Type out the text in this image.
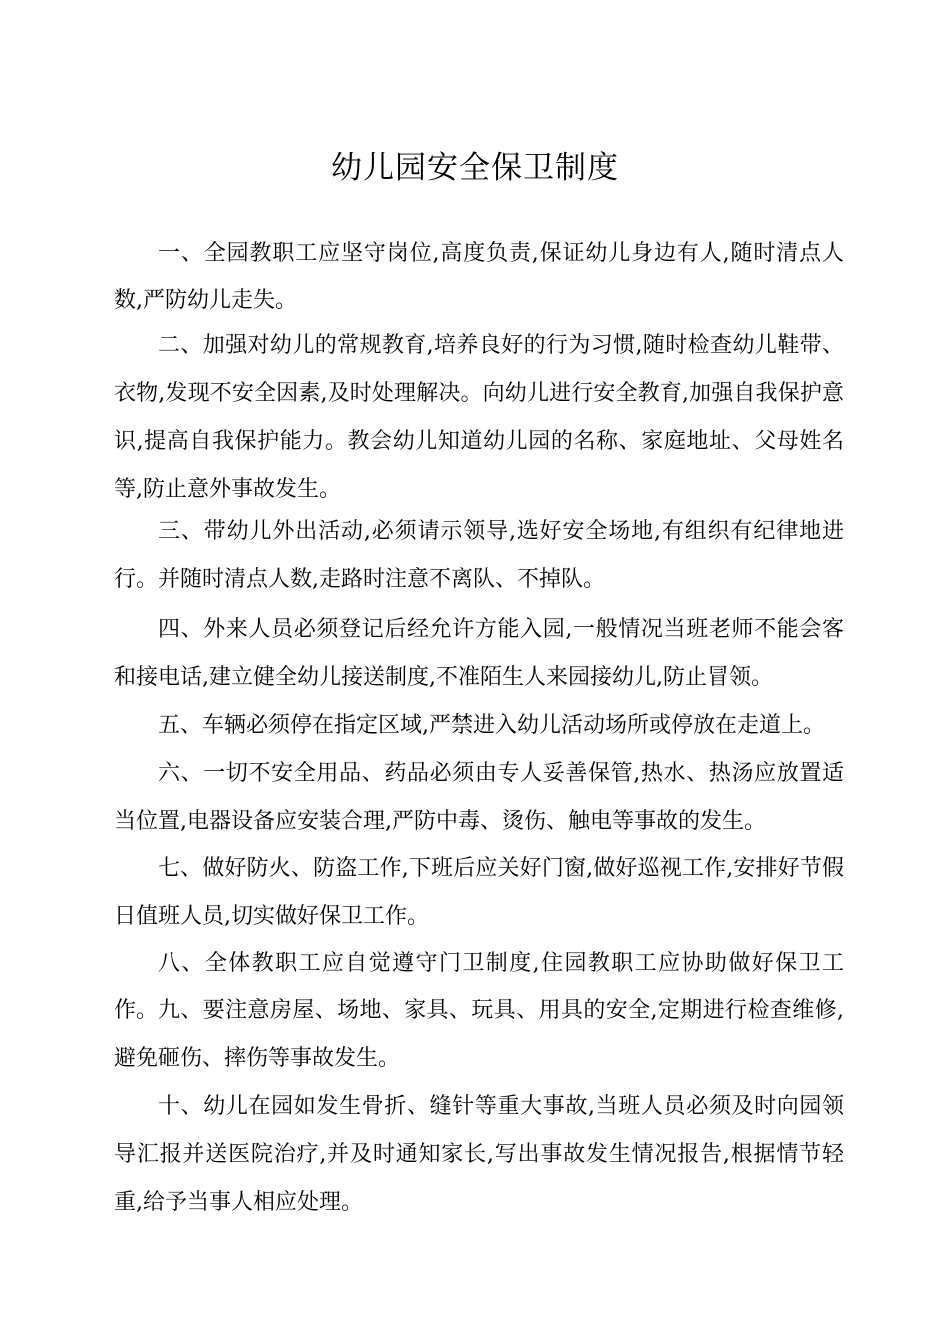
幼儿园安全保卫制度

一、全园教职工应坚守岗位,高度负责,保证幼儿身边有人,随时清点人数,严防幼儿走失。

二、加强对幼儿的常规教育,培养良好的行为习惯,随时检查幼儿鞋带、衣物,发现不安全因素,及时处理解决。向幼儿进行安全教育,加强自我保护意识,提高自我保护能力。教会幼儿知道幼儿园的名称、家庭地址、父母姓名等,防止意外事故发生。

三、带幼儿外出活动,必须请示领导,选好安全场地,有组织有纪律地进行。并随时清点人数,走路时注意不离队、不掉队。

四、外来人员必须登记后经允许方能入园,一般情况当班老师不能会客和接电话,建立健全幼儿接送制度,不准陌生人来园接幼儿,防止冒领。

五、车辆必须停在指定区域,严禁进入幼儿活动场所或停放在走道上。

六、一切不安全用品、药品必须由专人妥善保管,热水、热汤应放置适当位置,电器设备应安装合理,严防中毒、烫伤、触电等事故的发生。

七、做好防火、防盗工作,下班后应关好门窗,做好巡视工作,安排好节假日值班人员,切实做好保卫工作。

八、全体教职工应自觉遵守门卫制度,住园教职工应协助做好保卫工作。 九、要注意房屋、场地、家具、玩具、用具的安全,定期进行检查维修,避免砸伤、摔伤等事故发生。

十、幼儿在园如发生骨折、缝针等重大事故,当班人员必须及时向园领导汇报并送医院治疗,并及时通知家长,写出事故发生情况报告,根据情节轻重,给予当事人相应处理。
